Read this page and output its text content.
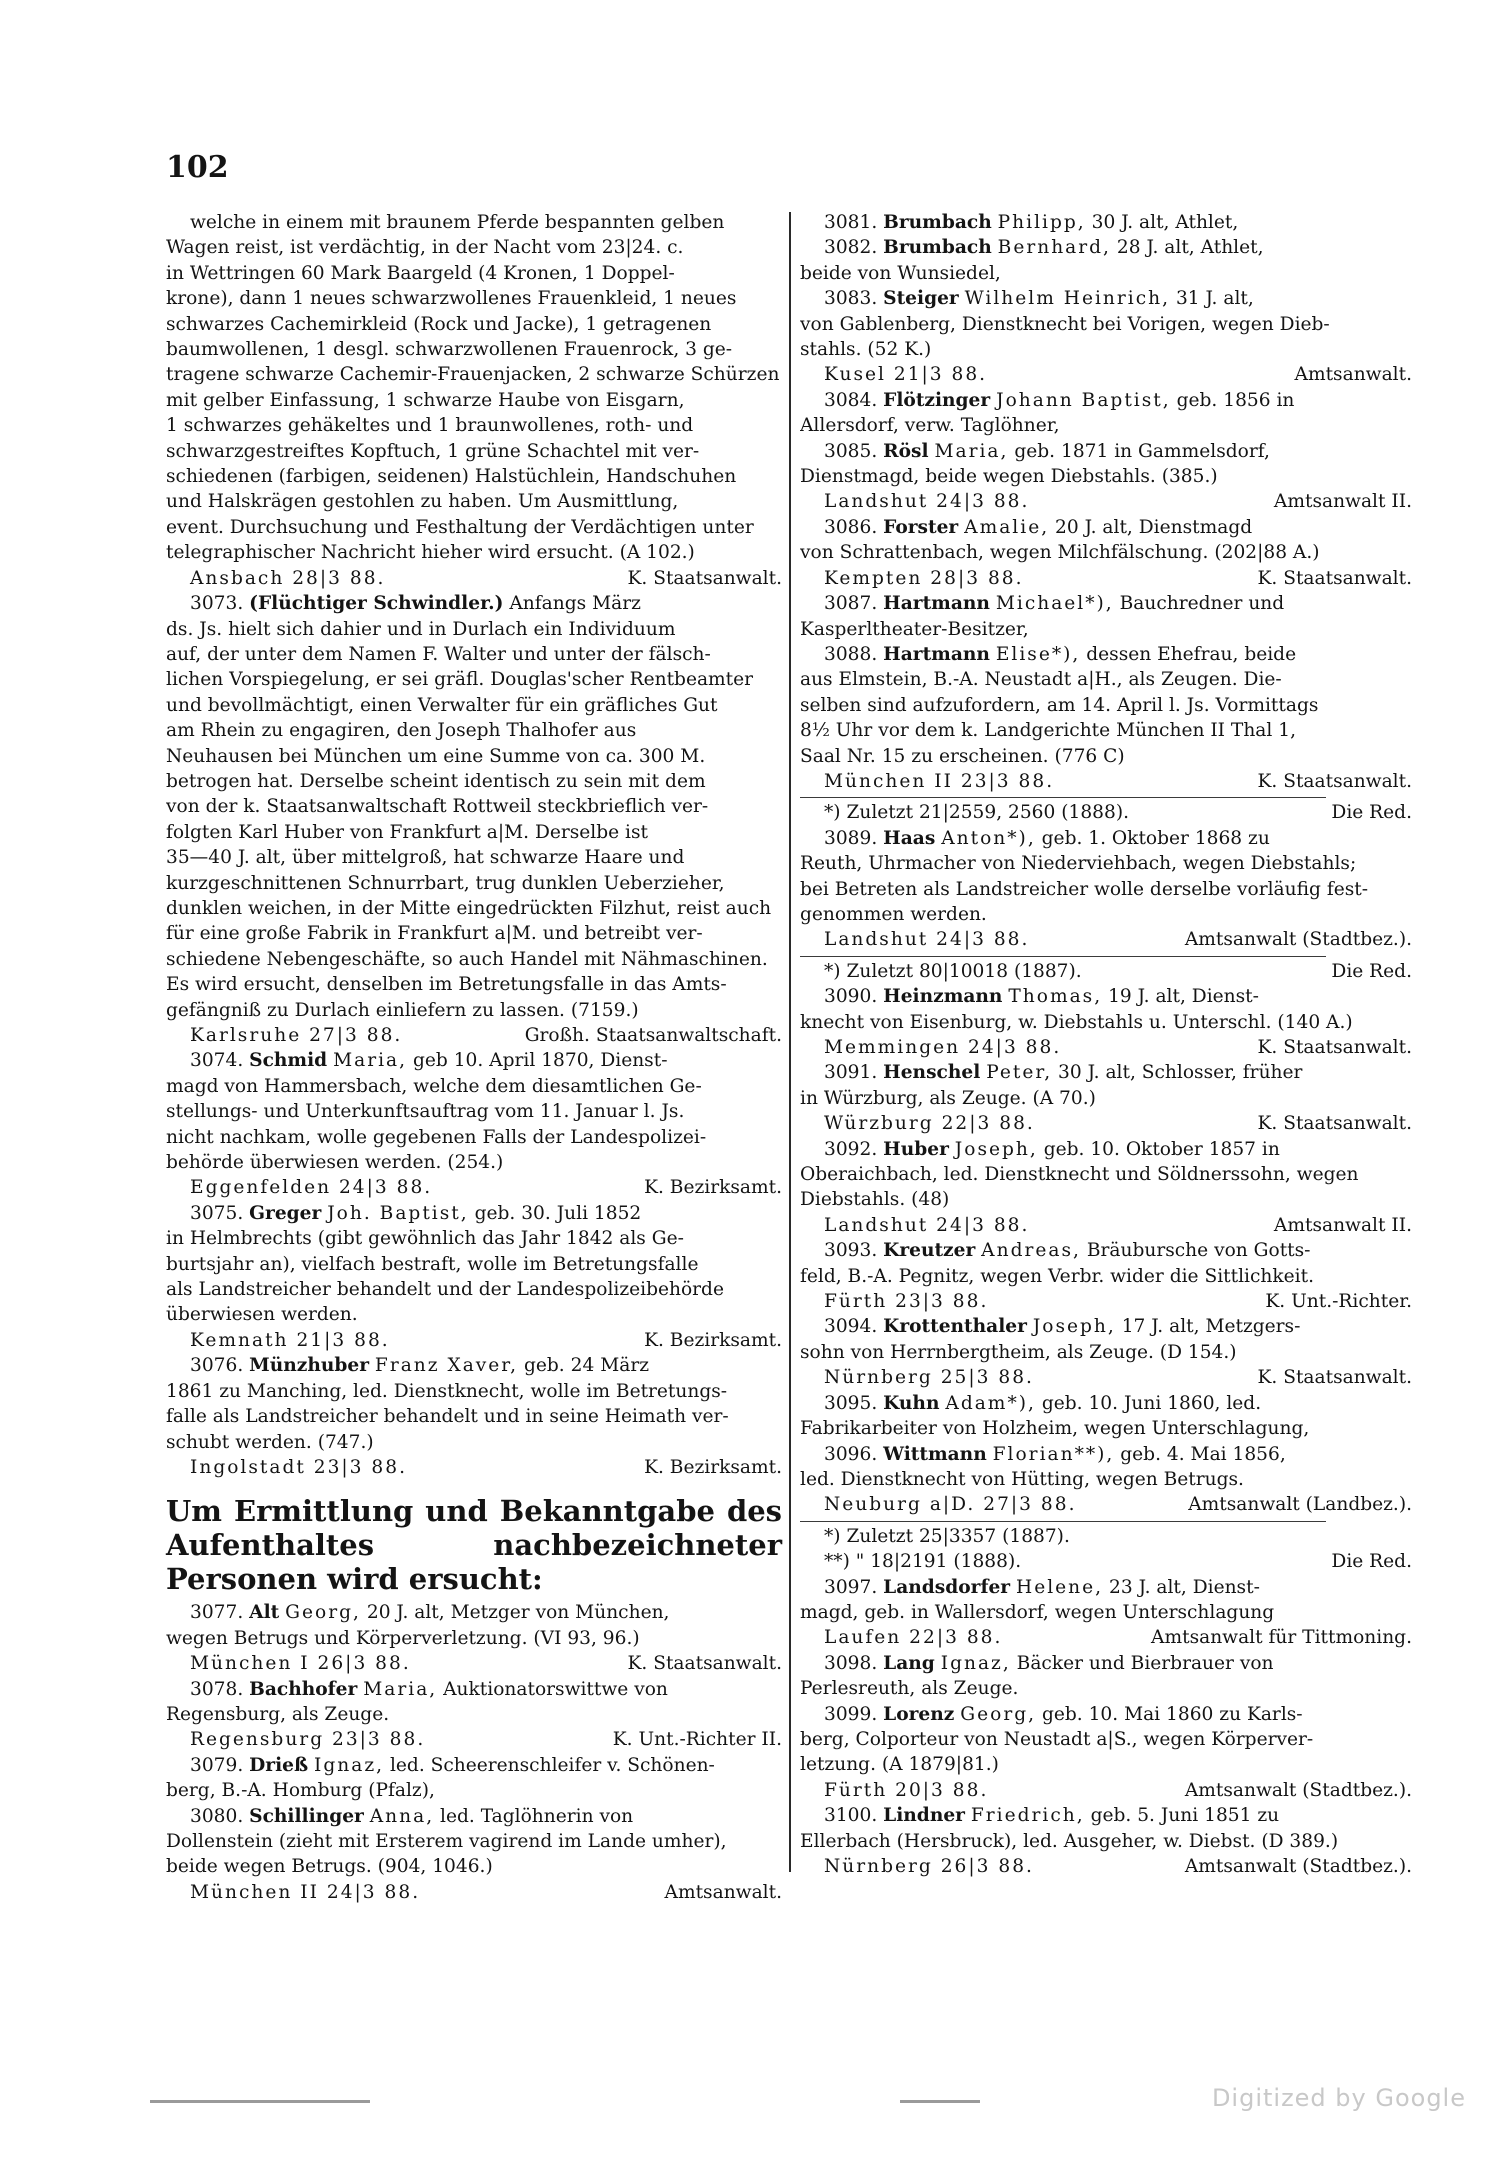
102
welche in einem mit braunem Pferde bespannten gelben
Wagen reist, ist verdächtig, in der Nacht vom 23|24. c.
in Wettringen 60 Mark Baargeld (4 Kronen, 1 Doppel-
krone), dann 1 neues schwarzwollenes Frauenkleid, 1 neues
schwarzes Cachemirkleid (Rock und Jacke), 1 getragenen
baumwollenen, 1 desgl. schwarzwollenen Frauenrock, 3 ge-
tragene schwarze Cachemir-Frauenjacken, 2 schwarze Schürzen
mit gelber Einfassung, 1 schwarze Haube von Eisgarn,
1 schwarzes gehäkeltes und 1 braunwollenes, roth- und
schwarzgestreiftes Kopftuch, 1 grüne Schachtel mit ver-
schiedenen (farbigen, seidenen) Halstüchlein, Handschuhen
und Halskrägen gestohlen zu haben. Um Ausmittlung,
event. Durchsuchung und Festhaltung der Verdächtigen unter
telegraphischer Nachricht hieher wird ersucht. (A 102.)
Ansbach 28|3 88.	K. Staatsanwalt.
3073. (Flüchtiger Schwindler.) Anfangs März
ds. Js. hielt sich dahier und in Durlach ein Individuum
auf, der unter dem Namen F. Walter und unter der fälsch-
lichen Vorspiegelung, er sei gräfl. Douglas'scher Rentbeamter
und bevollmächtigt, einen Verwalter für ein gräfliches Gut
am Rhein zu engagiren, den Joseph Thalhofer aus
Neuhausen bei München um eine Summe von ca. 300 M.
betrogen hat. Derselbe scheint identisch zu sein mit dem
von der k. Staatsanwaltschaft Rottweil steckbrieflich ver-
folgten Karl Huber von Frankfurt a|M. Derselbe ist
35—40 J. alt, über mittelgroß, hat schwarze Haare und
kurzgeschnittenen Schnurrbart, trug dunklen Ueberzieher,
dunklen weichen, in der Mitte eingedrückten Filzhut, reist auch
für eine große Fabrik in Frankfurt a|M. und betreibt ver-
schiedene Nebengeschäfte, so auch Handel mit Nähmaschinen.
Es wird ersucht, denselben im Betretungsfalle in das Amts-
gefängniß zu Durlach einliefern zu lassen. (7159.)
Karlsruhe 27|3 88.	Großh. Staatsanwaltschaft.
3074. Schmid Maria, geb 10. April 1870, Dienst-
magd von Hammersbach, welche dem diesamtlichen Ge-
stellungs- und Unterkunftsauftrag vom 11. Januar l. Js.
nicht nachkam, wolle gegebenen Falls der Landespolizei-
behörde überwiesen werden. (254.)
Eggenfelden 24|3 88.	K. Bezirksamt.
3075. Greger Joh. Baptist, geb. 30. Juli 1852
in Helmbrechts (gibt gewöhnlich das Jahr 1842 als Ge-
burtsjahr an), vielfach bestraft, wolle im Betretungsfalle
als Landstreicher behandelt und der Landespolizeibehörde
überwiesen werden.
Kemnath 21|3 88.	K. Bezirksamt.
3076. Münzhuber Franz Xaver, geb. 24 März
1861 zu Manching, led. Dienstknecht, wolle im Betretungs-
falle als Landstreicher behandelt und in seine Heimath ver-
schubt werden. (747.)
Ingolstadt 23|3 88.	K. Bezirksamt.
Um Ermittlung und Bekanntgabe des Aufenthaltes nachbezeichneter Personen wird ersucht:
3077. Alt Georg, 20 J. alt, Metzger von München,
wegen Betrugs und Körperverletzung. (VI 93, 96.)
München I 26|3 88.	K. Staatsanwalt.
3078. Bachhofer Maria, Auktionatorswittwe von
Regensburg, als Zeuge.
Regensburg 23|3 88.	K. Unt.-Richter II.
3079. Drieß Ignaz, led. Scheerenschleifer v. Schönen-
berg, B.-A. Homburg (Pfalz),
3080. Schillinger Anna, led. Taglöhnerin von
Dollenstein (zieht mit Ersterem vagirend im Lande umher),
beide wegen Betrugs. (904, 1046.)
München II 24|3 88.	Amtsanwalt.
3081. Brumbach Philipp, 30 J. alt, Athlet,
3082. Brumbach Bernhard, 28 J. alt, Athlet,
beide von Wunsiedel,
3083. Steiger Wilhelm Heinrich, 31 J. alt,
von Gablenberg, Dienstknecht bei Vorigen, wegen Dieb-
stahls. (52 K.)
Kusel 21|3 88.	Amtsanwalt.
3084. Flötzinger Johann Baptist, geb. 1856 in
Allersdorf, verw. Taglöhner,
3085. Rösl Maria, geb. 1871 in Gammelsdorf,
Dienstmagd, beide wegen Diebstahls. (385.)
Landshut 24|3 88.	Amtsanwalt II.
3086. Forster Amalie, 20 J. alt, Dienstmagd
von Schrattenbach, wegen Milchfälschung. (202|88 A.)
Kempten 28|3 88.	K. Staatsanwalt.
3087. Hartmann Michael*), Bauchredner und
Kasperltheater-Besitzer,
3088. Hartmann Elise*), dessen Ehefrau, beide
aus Elmstein, B.-A. Neustadt a|H., als Zeugen. Die-
selben sind aufzufordern, am 14. April l. Js. Vormittags
8½ Uhr vor dem k. Landgerichte München II Thal 1,
Saal Nr. 15 zu erscheinen. (776 C)
München II 23|3 88.	K. Staatsanwalt.
*) Zuletzt 21|2559, 2560 (1888).	Die Red.
3089. Haas Anton*), geb. 1. Oktober 1868 zu
Reuth, Uhrmacher von Niederviehbach, wegen Diebstahls;
bei Betreten als Landstreicher wolle derselbe vorläufig fest-
genommen werden.
Landshut 24|3 88.	Amtsanwalt (Stadtbez.).
*) Zuletzt 80|10018 (1887).	Die Red.
3090. Heinzmann Thomas, 19 J. alt, Dienst-
knecht von Eisenburg, w. Diebstahls u. Unterschl. (140 A.)
Memmingen 24|3 88.	K. Staatsanwalt.
3091. Henschel Peter, 30 J. alt, Schlosser, früher
in Würzburg, als Zeuge. (A 70.)
Würzburg 22|3 88.	K. Staatsanwalt.
3092. Huber Joseph, geb. 10. Oktober 1857 in
Oberaichbach, led. Dienstknecht und Söldnerssohn, wegen
Diebstahls. (48)
Landshut 24|3 88.	Amtsanwalt II.
3093. Kreutzer Andreas, Bräuburschе von Gotts-
feld, B.-A. Pegnitz, wegen Verbr. wider die Sittlichkeit.
Fürth 23|3 88.	K. Unt.-Richter.
3094. Krottenthaler Joseph, 17 J. alt, Metzgers-
sohn von Herrnbergtheim, als Zeuge. (D 154.)
Nürnberg 25|3 88.	K. Staatsanwalt.
3095. Kuhn Adam*), geb. 10. Juni 1860, led.
Fabrikarbeiter von Holzheim, wegen Unterschlagung,
3096. Wittmann Florian**), geb. 4. Mai 1856,
led. Dienstknecht von Hütting, wegen Betrugs.
Neuburg a|D. 27|3 88.	Amtsanwalt (Landbez.).
*) Zuletzt 25|3357 (1887).
**) " 18|2191 (1888).	Die Red.
3097. Landsdorfer Helene, 23 J. alt, Dienst-
magd, geb. in Wallersdorf, wegen Unterschlagung
Laufen 22|3 88.	Amtsanwalt für Tittmoning.
3098. Lang Ignaz, Bäcker und Bierbrauer von
Perlesreuth, als Zeuge.
3099. Lorenz Georg, geb. 10. Mai 1860 zu Karls-
berg, Colporteur von Neustadt a|S., wegen Körperver-
letzung. (A 1879|81.)
Fürth 20|3 88.	Amtsanwalt (Stadtbez.).
3100. Lindner Friedrich, geb. 5. Juni 1851 zu
Ellerbach (Hersbruck), led. Ausgeher, w. Diebst. (D 389.)
Nürnberg 26|3 88.	Amtsanwalt (Stadtbez.).
Digitized by Google
